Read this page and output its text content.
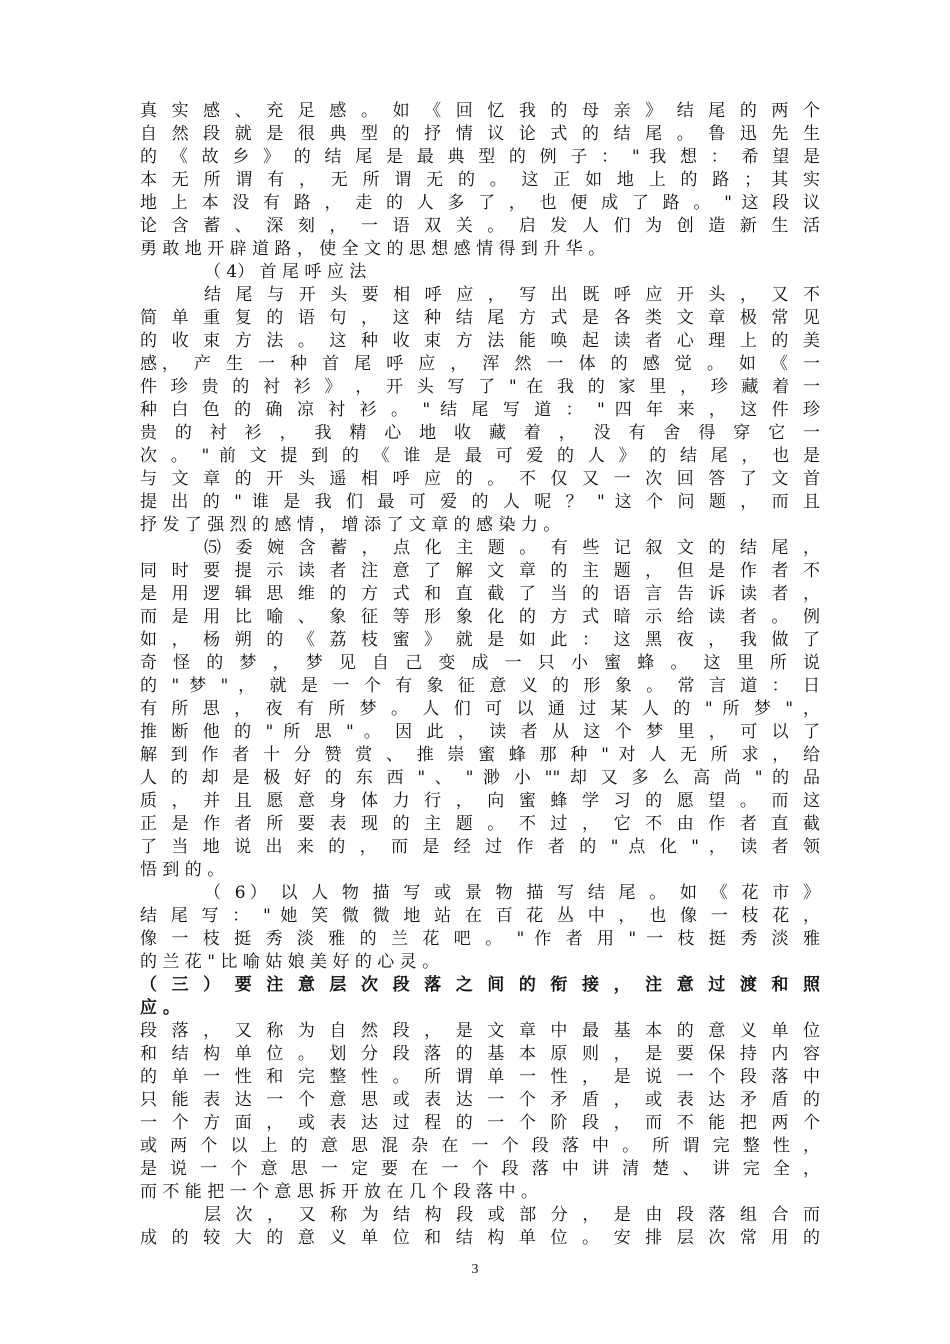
真 实 感 、 充 足 感 。 如 《 回 忆 我 的 母 亲 》 结 尾 的 两 个
自 然 段 就 是 很 典 型 的 抒 情 议 论 式 的 结 尾 。 鲁 迅 先 生
的 《 故 乡 》 的 结 尾 是 最 典 型 的 例 子 ： " 我 想 ： 希 望 是
本 无 所 谓 有 ， 无 所 谓 无 的 。 这 正 如 地 上 的 路 ； 其 实
地 上 本 没 有 路 ， 走 的 人 多 了 ， 也 便 成 了 路 。 " 这 段 议
论 含 蓄 、 深 刻 ， 一 语 双 关 。 启 发 人 们 为 创 造 新 生 活
勇 敢 地 开 辟 道 路 ， 使 全 文 的 思 想 感 情 得 到 升 华 。
（ 4） 首 尾 呼 应 法
结 尾 与 开 头 要 相 呼 应 ， 写 出 既 呼 应 开 头 ， 又 不
简 单 重 复 的 语 句 ， 这 种 结 尾 方 式 是 各 类 文 章 极 常 见
的 收 束 方 法 。 这 种 收 束 方 法 能 唤 起 读 者 心 理 上 的 美
感， 产 生 一 种 首 尾 呼 应 ， 浑 然 一 体 的 感 觉 。 如 《 一
件 珍 贵 的 衬 衫 》 ， 开 头 写 了 " 在 我 的 家 里 ， 珍 藏 着 一
种 白 色 的 确 凉 衬 衫 。 " 结 尾 写 道 ： " 四 年 来 ， 这 件 珍
贵 的 衬 衫 ， 我 精 心 地 收 藏 着 ， 没 有 舍 得 穿 它 一
次 。 " 前 文 提 到 的 《 谁 是 最 可 爱 的 人 》 的 结 尾 ， 也 是
与 文 章 的 开 头 遥 相 呼 应 的 。 不 仅 又 一 次 回 答 了 文 首
提 出 的 " 谁 是 我 们 最 可 爱 的 人 呢 ？ " 这 个 问 题 ， 而 且
抒 发 了 强 烈 的 感 情 ， 增 添 了 文 章 的 感 染 力 。
⑸ 委 婉 含 蓄 ， 点 化 主 题 。 有 些 记 叙 文 的 结 尾 ，
同 时 要 提 示 读 者 注 意 了 解 文 章 的 主 题 ， 但 是 作 者 不
是 用 逻 辑 思 维 的 方 式 和 直 截 了 当 的 语 言 告 诉 读 者 ，
而 是 用 比 喻 、 象 征 等 形 象 化 的 方 式 暗 示 给 读 者 。 例
如 ， 杨 朔 的 《 荔 枝 蜜 》 就 是 如 此 ： 这 黑 夜 ， 我 做 了
奇 怪 的 梦 ， 梦 见 自 己 变 成 一 只 小 蜜 蜂 。 这 里 所 说
的 " 梦 " ， 就 是 一 个 有 象 征 意 义 的 形 象 。 常 言 道 ： 日
有 所 思 ， 夜 有 所 梦 。 人 们 可 以 通 过 某 人 的 " 所 梦 " ，
推 断 他 的 " 所 思 " 。 因 此 ， 读 者 从 这 个 梦 里 ， 可 以 了
解 到 作 者 十 分 赞 赏 、 推 崇 蜜 蜂 那 种 " 对 人 无 所 求 ， 给
人 的 却 是 极 好 的 东 西 " 、 " 渺 小 "" 却 又 多 么 高 尚 " 的 品
质 ， 并 且 愿 意 身 体 力 行 ， 向 蜜 蜂 学 习 的 愿 望 。 而 这
正 是 作 者 所 要 表 现 的 主 题 。 不 过 ， 它 不 由 作 者 直 截
了 当 地 说 出 来 的 ， 而 是 经 过 作 者 的 " 点 化 " ， 读 者 领
悟 到 的 。
（ 6） 以 人 物 描 写 或 景 物 描 写 结 尾 。 如 《 花 市 》
结 尾 写 ： " 她 笑 微 微 地 站 在 百 花 丛 中 ， 也 像 一 枝 花 ，
像 一 枝 挺 秀 淡 雅 的 兰 花 吧 。 " 作 者 用 " 一 枝 挺 秀 淡 雅
的 兰 花 " 比 喻 姑 娘 美 好 的 心 灵 。
（ 三 ） 要 注 意 层 次 段 落 之 间 的 衔 接 ， 注 意 过 渡 和 照
应 。
段 落 ， 又 称 为 自 然 段 ， 是 文 章 中 最 基 本 的 意 义 单 位
和 结 构 单 位 。 划 分 段 落 的 基 本 原 则 ， 是 要 保 持 内 容
的 单 一 性 和 完 整 性 。 所 谓 单 一 性 ， 是 说 一 个 段 落 中
只 能 表 达 一 个 意 思 或 表 达 一 个 矛 盾 ， 或 表 达 矛 盾 的
一 个 方 面 ， 或 表 达 过 程 的 一 个 阶 段 ， 而 不 能 把 两 个
或 两 个 以 上 的 意 思 混 杂 在 一 个 段 落 中 。 所 谓 完 整 性 ，
是 说 一 个 意 思 一 定 要 在 一 个 段 落 中 讲 清 楚 、 讲 完 全 ，
而 不 能 把 一 个 意 思 拆 开 放 在 几 个 段 落 中 。
层 次 ， 又 称 为 结 构 段 或 部 分 ， 是 由 段 落 组 合 而
成 的 较 大 的 意 义 单 位 和 结 构 单 位 。 安 排 层 次 常 用 的
3
